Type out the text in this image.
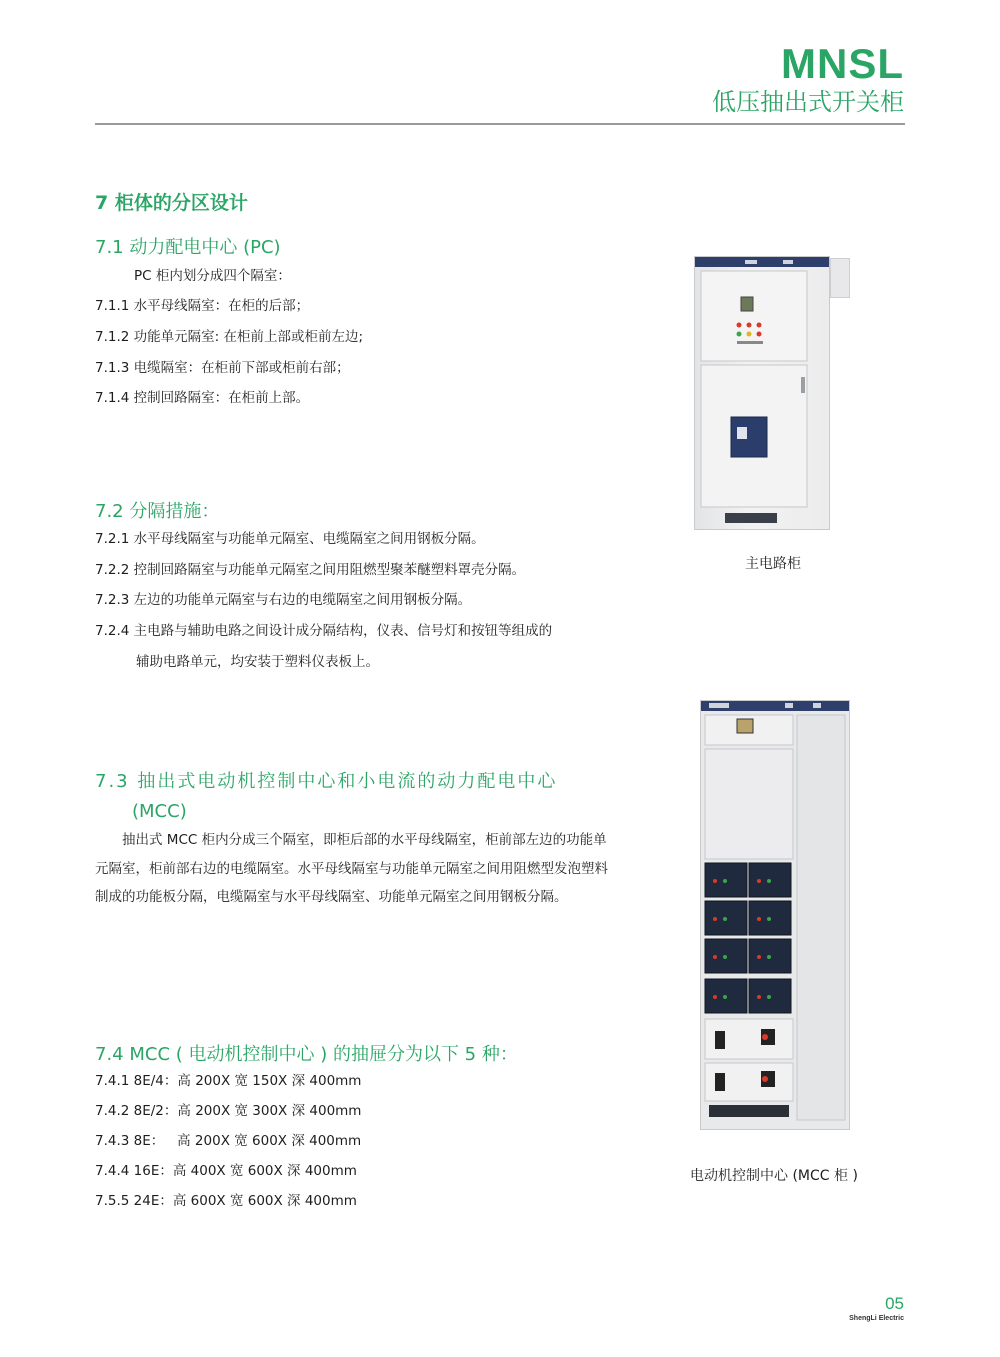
MNSL
低压抽出式开关柜
7 柜体的分区设计
7.1 动力配电中心 (PC)
PC 柜内划分成四个隔室：
7.1.1 水平母线隔室：在柜的后部；
7.1.2 功能单元隔室: 在柜前上部或柜前左边;
7.1.3 电缆隔室：在柜前下部或柜前右部；
7.1.4 控制回路隔室：在柜前上部。
7.2 分隔措施：
7.2.1 水平母线隔室与功能单元隔室、电缆隔室之间用钢板分隔。
7.2.2 控制回路隔室与功能单元隔室之间用阻燃型聚苯醚塑料罩壳分隔。
7.2.3 左边的功能单元隔室与右边的电缆隔室之间用钢板分隔。
7.2.4 主电路与辅助电路之间设计成分隔结构，仪表、信号灯和按钮等组成的
辅助电路单元，均安装于塑料仪表板上。
7.3 抽出式电动机控制中心和小电流的动力配电中心
(MCC)
抽出式 MCC 柜内分成三个隔室，即柜后部的水平母线隔室，柜前部左边的功能单元隔室，柜前部右边的电缆隔室。水平母线隔室与功能单元隔室之间用阻燃型发泡塑料制成的功能板分隔，电缆隔室与水平母线隔室、功能单元隔室之间用钢板分隔。
7.4 MCC ( 电动机控制中心 ) 的抽屉分为以下 5 种：
7.4.1 8E/4：高 200X 宽 150X 深 400mm
7.4.2 8E/2：高 200X 宽 300X 深 400mm
7.4.3 8E：   高 200X 宽 600X 深 400mm
7.4.4 16E：高 400X 宽 600X 深 400mm
7.5.5 24E：高 600X 宽 600X 深 400mm
主电路柜
电动机控制中心 (MCC 柜 )
05
ShengLi Electric
